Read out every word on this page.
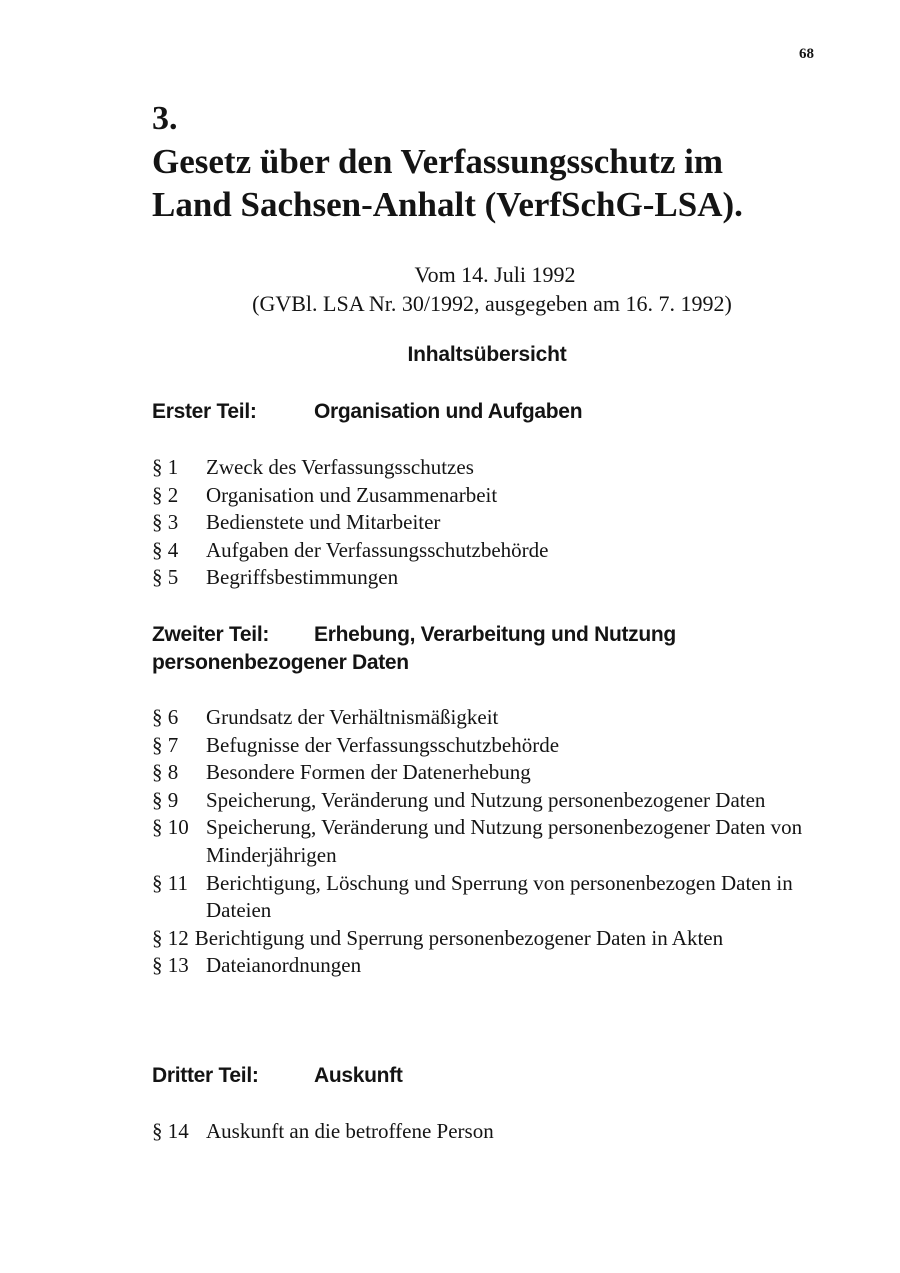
68
3.
Gesetz über den Verfassungsschutz im
Land Sachsen-Anhalt (VerfSchG-LSA).
Vom 14. Juli 1992
(GVBl. LSA Nr. 30/1992, ausgegeben am 16. 7. 1992)
Inhaltsübersicht
Erster Teil:	Organisation und Aufgaben
§ 1 Zweck des Verfassungsschutzes
§ 2 Organisation und Zusammenarbeit
§ 3 Bedienstete und Mitarbeiter
§ 4 Aufgaben der Verfassungsschutzbehörde
§ 5 Begriffsbestimmungen
Zweiter Teil: Erhebung, Verarbeitung und Nutzung
personenbezogener Daten
§ 6 Grundsatz der Verhältnismäßigkeit
§ 7 Befugnisse der Verfassungsschutzbehörde
§ 8 Besondere Formen der Datenerhebung
§ 9 Speicherung, Veränderung und Nutzung personenbezogener Daten
§ 10 Speicherung, Veränderung und Nutzung personenbezogener Daten von Minderjährigen
§ 11 Berichtigung, Löschung und Sperrung von personenbezogen Daten in Dateien
§ 12 Berichtigung und Sperrung personenbezogener Daten in Akten
§ 13 Dateianordnungen
Dritter Teil:	Auskunft
§ 14 Auskunft an die betroffene Person
